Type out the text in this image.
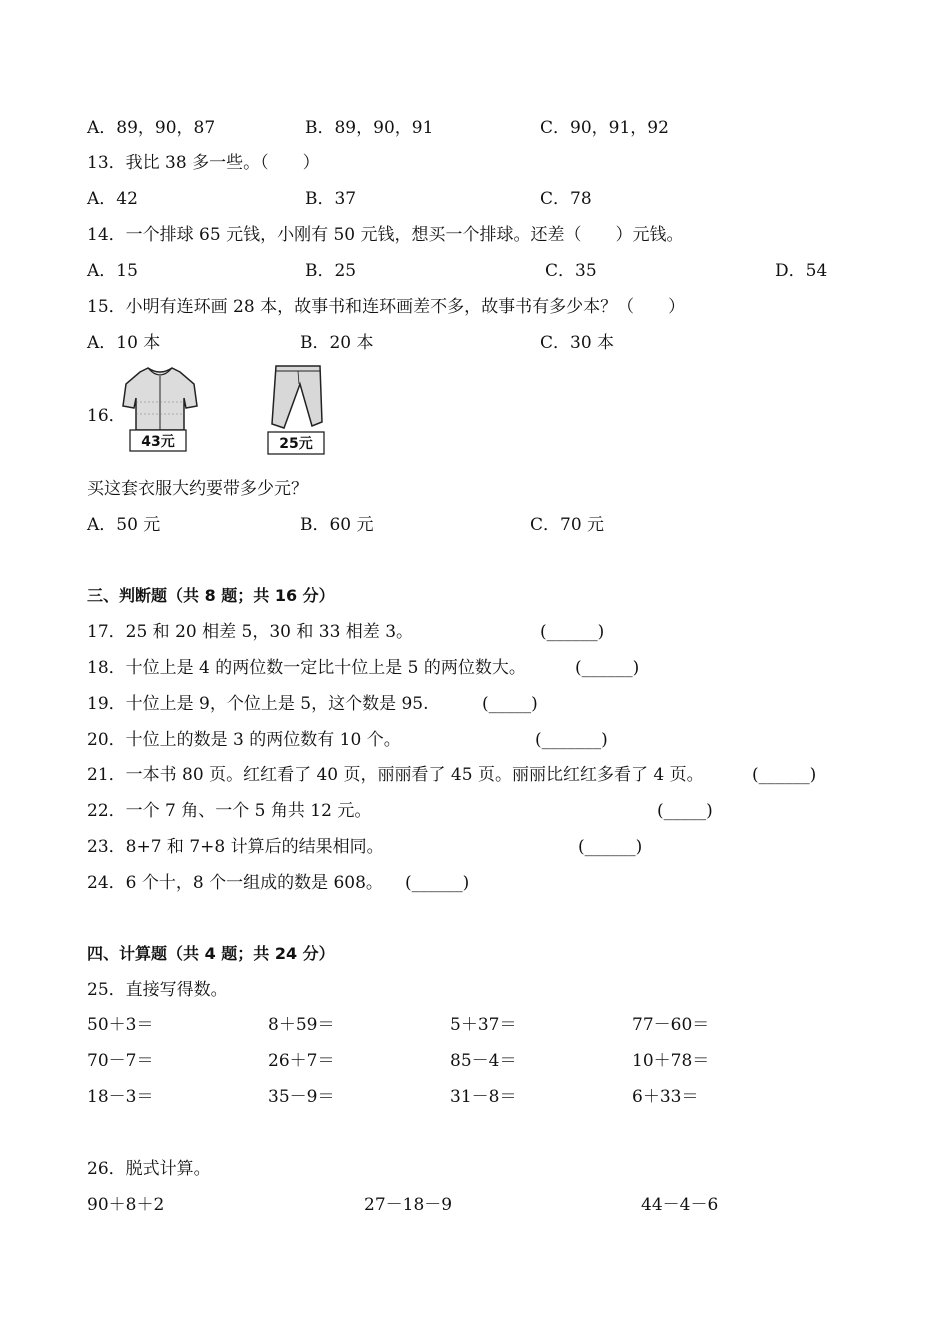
A．89，90，87	B．89，90，91	C．90，91，92
13．我比 38 多一些。（　　）
A．42	B．37	C．78
14．一个排球 65 元钱，小刚有 50 元钱，想买一个排球。还差（　　）元钱。
A．15	B．25	C．35	D．54
15．小明有连环画 28 本，故事书和连环画差不多，故事书有多少本？（　　）
A．10 本	B．20 本	C．30 本
16．
43元	25元
买这套衣服大约要带多少元？
A．50 元	B．60 元	C．70 元
三、判断题（共 8 题；共 16 分）
17．25 和 20 相差 5，30 和 33 相差 3。	(______)
18．十位上是 4 的两位数一定比十位上是 5 的两位数大。	(______)
19．十位上是 9，个位上是 5，这个数是 95.	(_____)
20．十位上的数是 3 的两位数有 10 个。	(_______)
21．一本书 80 页。红红看了 40 页，丽丽看了 45 页。丽丽比红红多看了 4 页。	(______)
22．一个 7 角、一个 5 角共 12 元。	(_____)
23．8+7 和 7+8 计算后的结果相同。	(______)
24．6 个十，8 个一组成的数是 608。 (______)
四、计算题（共 4 题；共 24 分）
25．直接写得数。
50＋3＝	8＋59＝	5＋37＝	77－60＝
70－7＝	26＋7＝	85－4＝	10＋78＝
18－3＝	35－9＝	31－8＝	6＋33＝
26．脱式计算。
90＋8＋2	27－18－9	44－4－6
